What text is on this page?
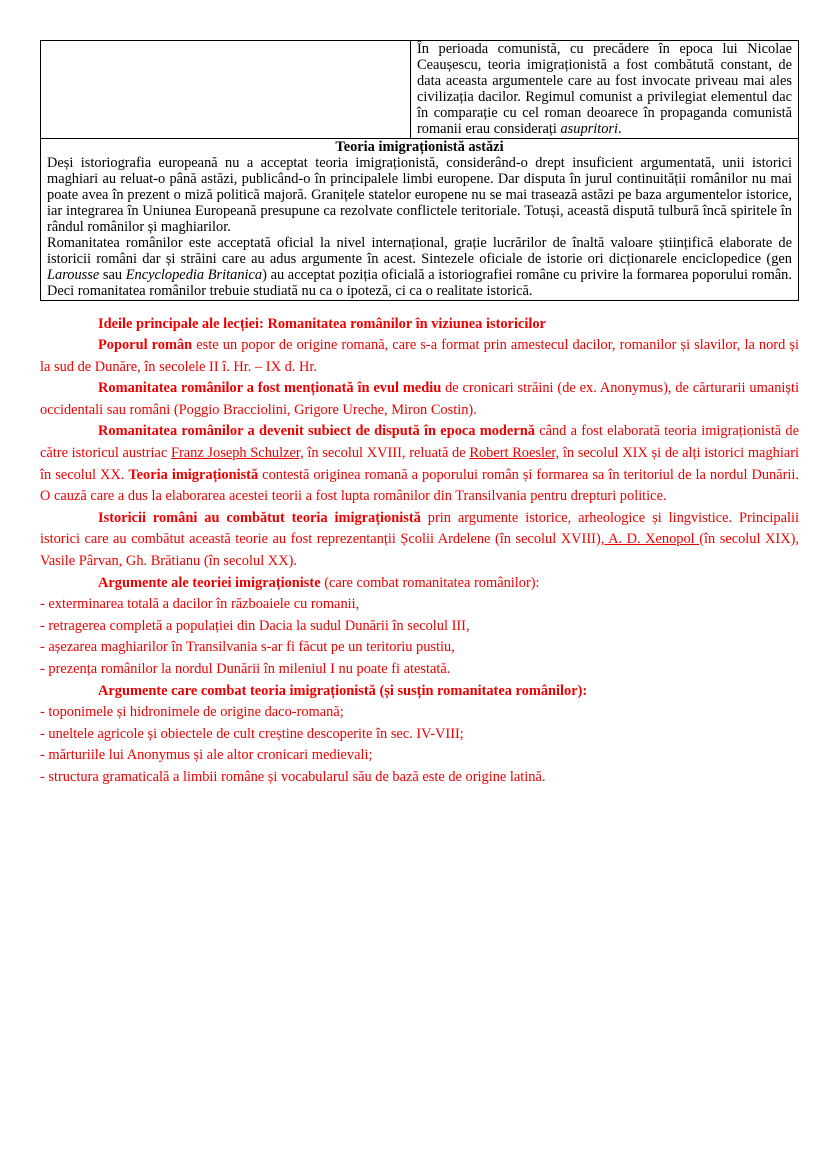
	În perioada comunistă, cu precădere în epoca lui Nicolae Ceaușescu, teoria imigraționistă a fost combătută constant, de data aceasta argumentele care au fost invocate priveau mai ales civilizația dacilor. Regimul comunist a privilegiat elementul dac în comparație cu cel roman deoarece în propaganda comunistă romanii erau considerați asupritori.

Teoria imigraționistă astăzi

Deși istoriografia europeană nu a acceptat teoria imigraționistă, considerând-o drept insuficient argumentată, unii istorici maghiari au reluat-o până astăzi, publicând-o în principalele limbi europene. Dar disputa în jurul continuității românilor nu mai poate avea în prezent o miză politică majoră. Granițele statelor europene nu se mai trasează astăzi pe baza argumentelor istorice, iar integrarea în Uniunea Europeană presupune ca rezolvate conflictele teritoriale. Totuși, această dispută tulbură încă spiritele în rândul românilor și maghiarilor.

Romanitatea românilor este acceptată oficial la nivel internațional, grație lucrărilor de înaltă valoare științifică elaborate de istoricii români dar și străini care au adus argumente în acest. Sintezele oficiale de istorie ori dicționarele enciclopedice (gen Larousse sau Encyclopedia Britanica) au acceptat poziția oficială a istoriografiei române cu privire la formarea poporului român. Deci romanitatea românilor trebuie studiată nu ca o ipoteză, ci ca o realitate istorică.

Ideile principale ale lecției: Romanitatea românilor în viziunea istoricilor

Poporul român este un popor de origine romană, care s-a format prin amestecul dacilor, romanilor și slavilor, la nord și la sud de Dunăre, în secolele II î. Hr. – IX d. Hr.

Romanitatea românilor a fost menționată în evul mediu de cronicari străini (de ex. Anonymus), de cărturarii umaniști occidentali sau români (Poggio Bracciolini, Grigore Ureche, Miron Costin).

Romanitatea românilor a devenit subiect de dispută în epoca modernă când a fost elaborată teoria imigraționistă de către istoricul austriac Franz Joseph Schulzer, în secolul XVIII, reluată de Robert Roesler, în secolul XIX și de alți istorici maghiari în secolul XX. Teoria imigraționistă contestă originea romană a poporului român și formarea sa în teritoriul de la nordul Dunării. O cauză care a dus la elaborarea acestei teorii a fost lupta românilor din Transilvania pentru drepturi politice.

Istoricii români au combătut teoria imigraționistă prin argumente istorice, arheologice și lingvistice. Principalii istorici care au combătut această teorie au fost reprezentanții Școlii Ardelene (în secolul XVIII), A. D. Xenopol (în secolul XIX), Vasile Pârvan, Gh. Brătianu (în secolul XX).

Argumente ale teoriei imigraționiste (care combat romanitatea românilor):

- exterminarea totală a dacilor în războaiele cu romanii,
- retragerea completă a populației din Dacia la sudul Dunării în secolul III,
- așezarea maghiarilor în Transilvania s-ar fi făcut pe un teritoriu pustiu,
- prezența românilor la nordul Dunării în mileniul I nu poate fi atestată.

Argumente care combat teoria imigraționistă (și susțin romanitatea românilor):

- toponimele și hidronimele de origine daco-romană;
- uneltele agricole și obiectele de cult creștine descoperite în sec. IV-VIII;
- mărturiile lui Anonymus și ale altor cronicari medievali;
- structura gramaticală a limbii române și vocabularul său de bază este de origine latină.
